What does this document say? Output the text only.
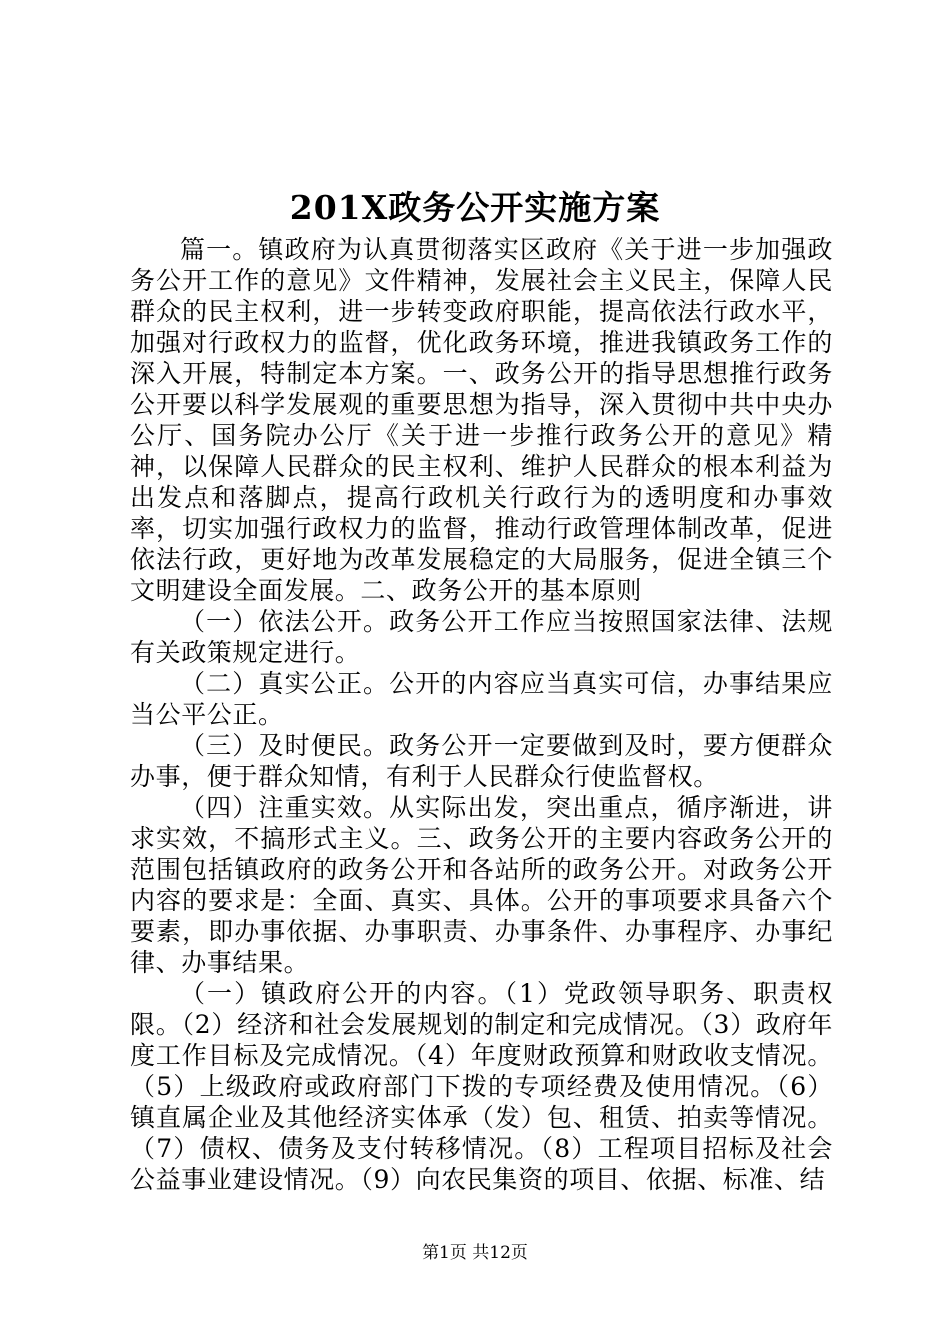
201X政务公开实施方案

篇一。镇政府为认真贯彻落实区政府《关于进一步加强政务公开工作的意见》文件精神，发展社会主义民主，保障人民群众的民主权利，进一步转变政府职能，提高依法行政水平，加强对行政权力的监督，优化政务环境，推进我镇政务工作的深入开展，特制定本方案。一、政务公开的指导思想推行政务公开要以科学发展观的重要思想为指导，深入贯彻中共中央办公厅、国务院办公厅《关于进一步推行政务公开的意见》精神，以保障人民群众的民主权利、维护人民群众的根本利益为出发点和落脚点，提高行政机关行政行为的透明度和办事效率，切实加强行政权力的监督，推动行政管理体制改革，促进依法行政，更好地为改革发展稳定的大局服务，促进全镇三个文明建设全面发展。二、政务公开的基本原则

（一）依法公开。政务公开工作应当按照国家法律、法规有关政策规定进行。

（二）真实公正。公开的内容应当真实可信，办事结果应当公平公正。

（三）及时便民。政务公开一定要做到及时，要方便群众办事，便于群众知情，有利于人民群众行使监督权。

（四）注重实效。从实际出发，突出重点，循序渐进，讲求实效，不搞形式主义。三、政务公开的主要内容政务公开的范围包括镇政府的政务公开和各站所的政务公开。对政务公开内容的要求是：全面、真实、具体。公开的事项要求具备六个要素，即办事依据、办事职责、办事条件、办事程序、办事纪律、办事结果。

（一）镇政府公开的内容。（1）党政领导职务、职责权限。（2）经济和社会发展规划的制定和完成情况。（3）政府年度工作目标及完成情况。（4）年度财政预算和财政收支情况。（5）上级政府或政府部门下拨的专项经费及使用情况。（6）镇直属企业及其他经济实体承（发）包、租赁、拍卖等情况。（7）债权、债务及支付转移情况。（8）工程项目招标及社会公益事业建设情况。（9）向农民集资的项目、依据、标准、结

第1页 共12页
